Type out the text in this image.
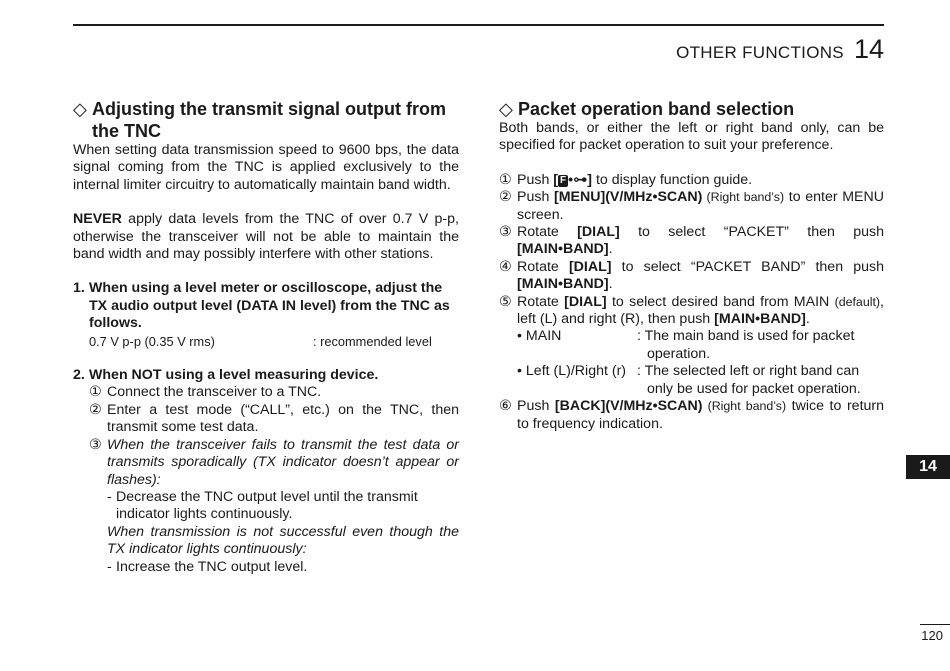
OTHER FUNCTIONS 14
◇ Adjusting the transmit signal output from the TNC

When setting data transmission speed to 9600 bps, the data signal coming from the TNC is applied exclusively to the internal limiter circuitry to automatically maintain band width.

NEVER apply data levels from the TNC of over 0.7 V p-p, otherwise the transceiver will not be able to maintain the band width and may possibly interfere with other stations.

1. When using a level meter or oscilloscope, adjust the TX audio output level (DATA IN level) from the TNC as follows.
0.7 V p-p (0.35 V rms)	: recommended level
2. When NOT using a level measuring device.
① Connect the transceiver to a TNC.
② Enter a test mode (“CALL”, etc.) on the TNC, then transmit some test data.
③ When the transceiver fails to transmit the test data or transmits sporadically (TX indicator doesn’t appear or flashes):
- Decrease the TNC output level until the transmit indicator lights continuously.
When transmission is not successful even though the TX indicator lights continuously:
- Increase the TNC output level.
◇ Packet operation band selection

Both bands, or either the left or right band only, can be specified for packet operation to suit your preference.

① Push [ F •⊶] to display function guide.
② Push [MENU](V/MHz•SCAN) (Right band’s) to enter MENU screen.
③ Rotate [DIAL] to select “PACKET” then push [MAIN•BAND].
④ Rotate [DIAL] to select “PACKET BAND” then push [MAIN•BAND].
⑤ Rotate [DIAL] to select desired band from MAIN (default), left (L) and right (R), then push [MAIN•BAND].
• MAIN	: The main band is used for packet operation.
• Left (L)/Right (r) : The selected left or right band can only be used for packet operation.
⑥ Push [BACK](V/MHz•SCAN) (Right band’s) twice to return to frequency indication.
14
120
